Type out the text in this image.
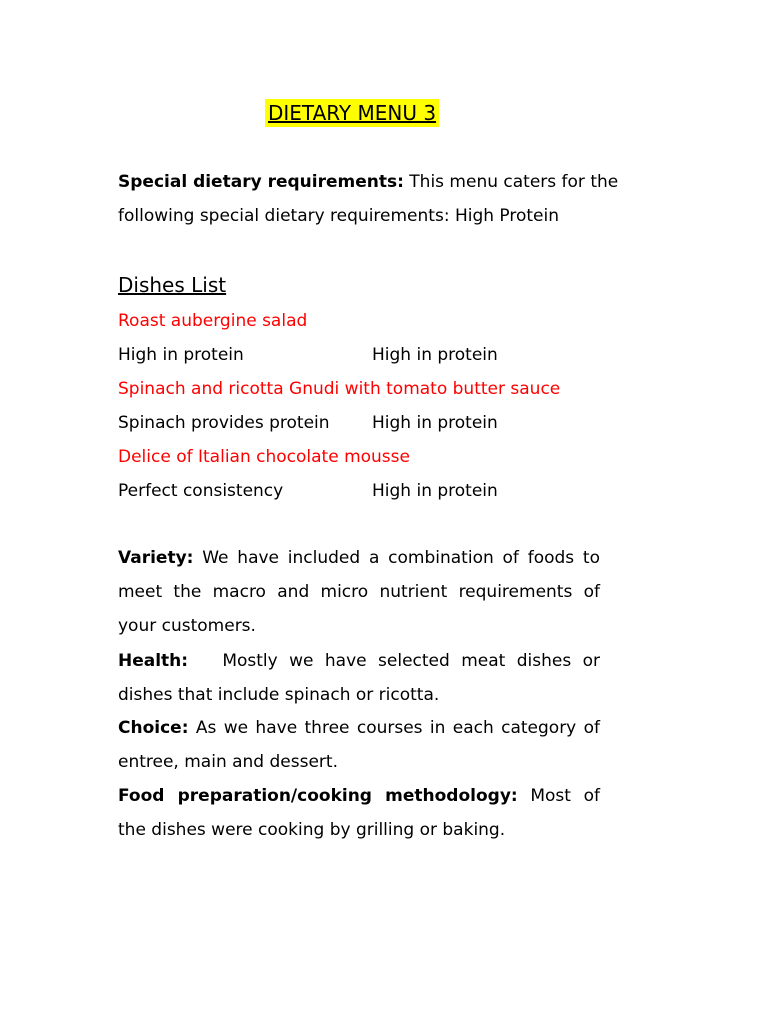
DIETARY MENU 3
Special dietary requirements: This menu caters for the
following special dietary requirements: High Protein
Dishes List
Roast aubergine salad
High in protein	High in protein
Spinach and ricotta Gnudi with tomato butter sauce
Spinach provides protein High in protein
Delice of Italian chocolate mousse
Perfect consistency	High in protein
Variety: We have included a combination of foods to meet the macro and micro nutrient requirements of your customers.
Health: Mostly we have selected meat dishes or dishes that include spinach or ricotta.
Choice: As we have three courses in each category of entree, main and dessert.
Food preparation/cooking methodology: Most of the dishes were cooking by grilling or baking.
